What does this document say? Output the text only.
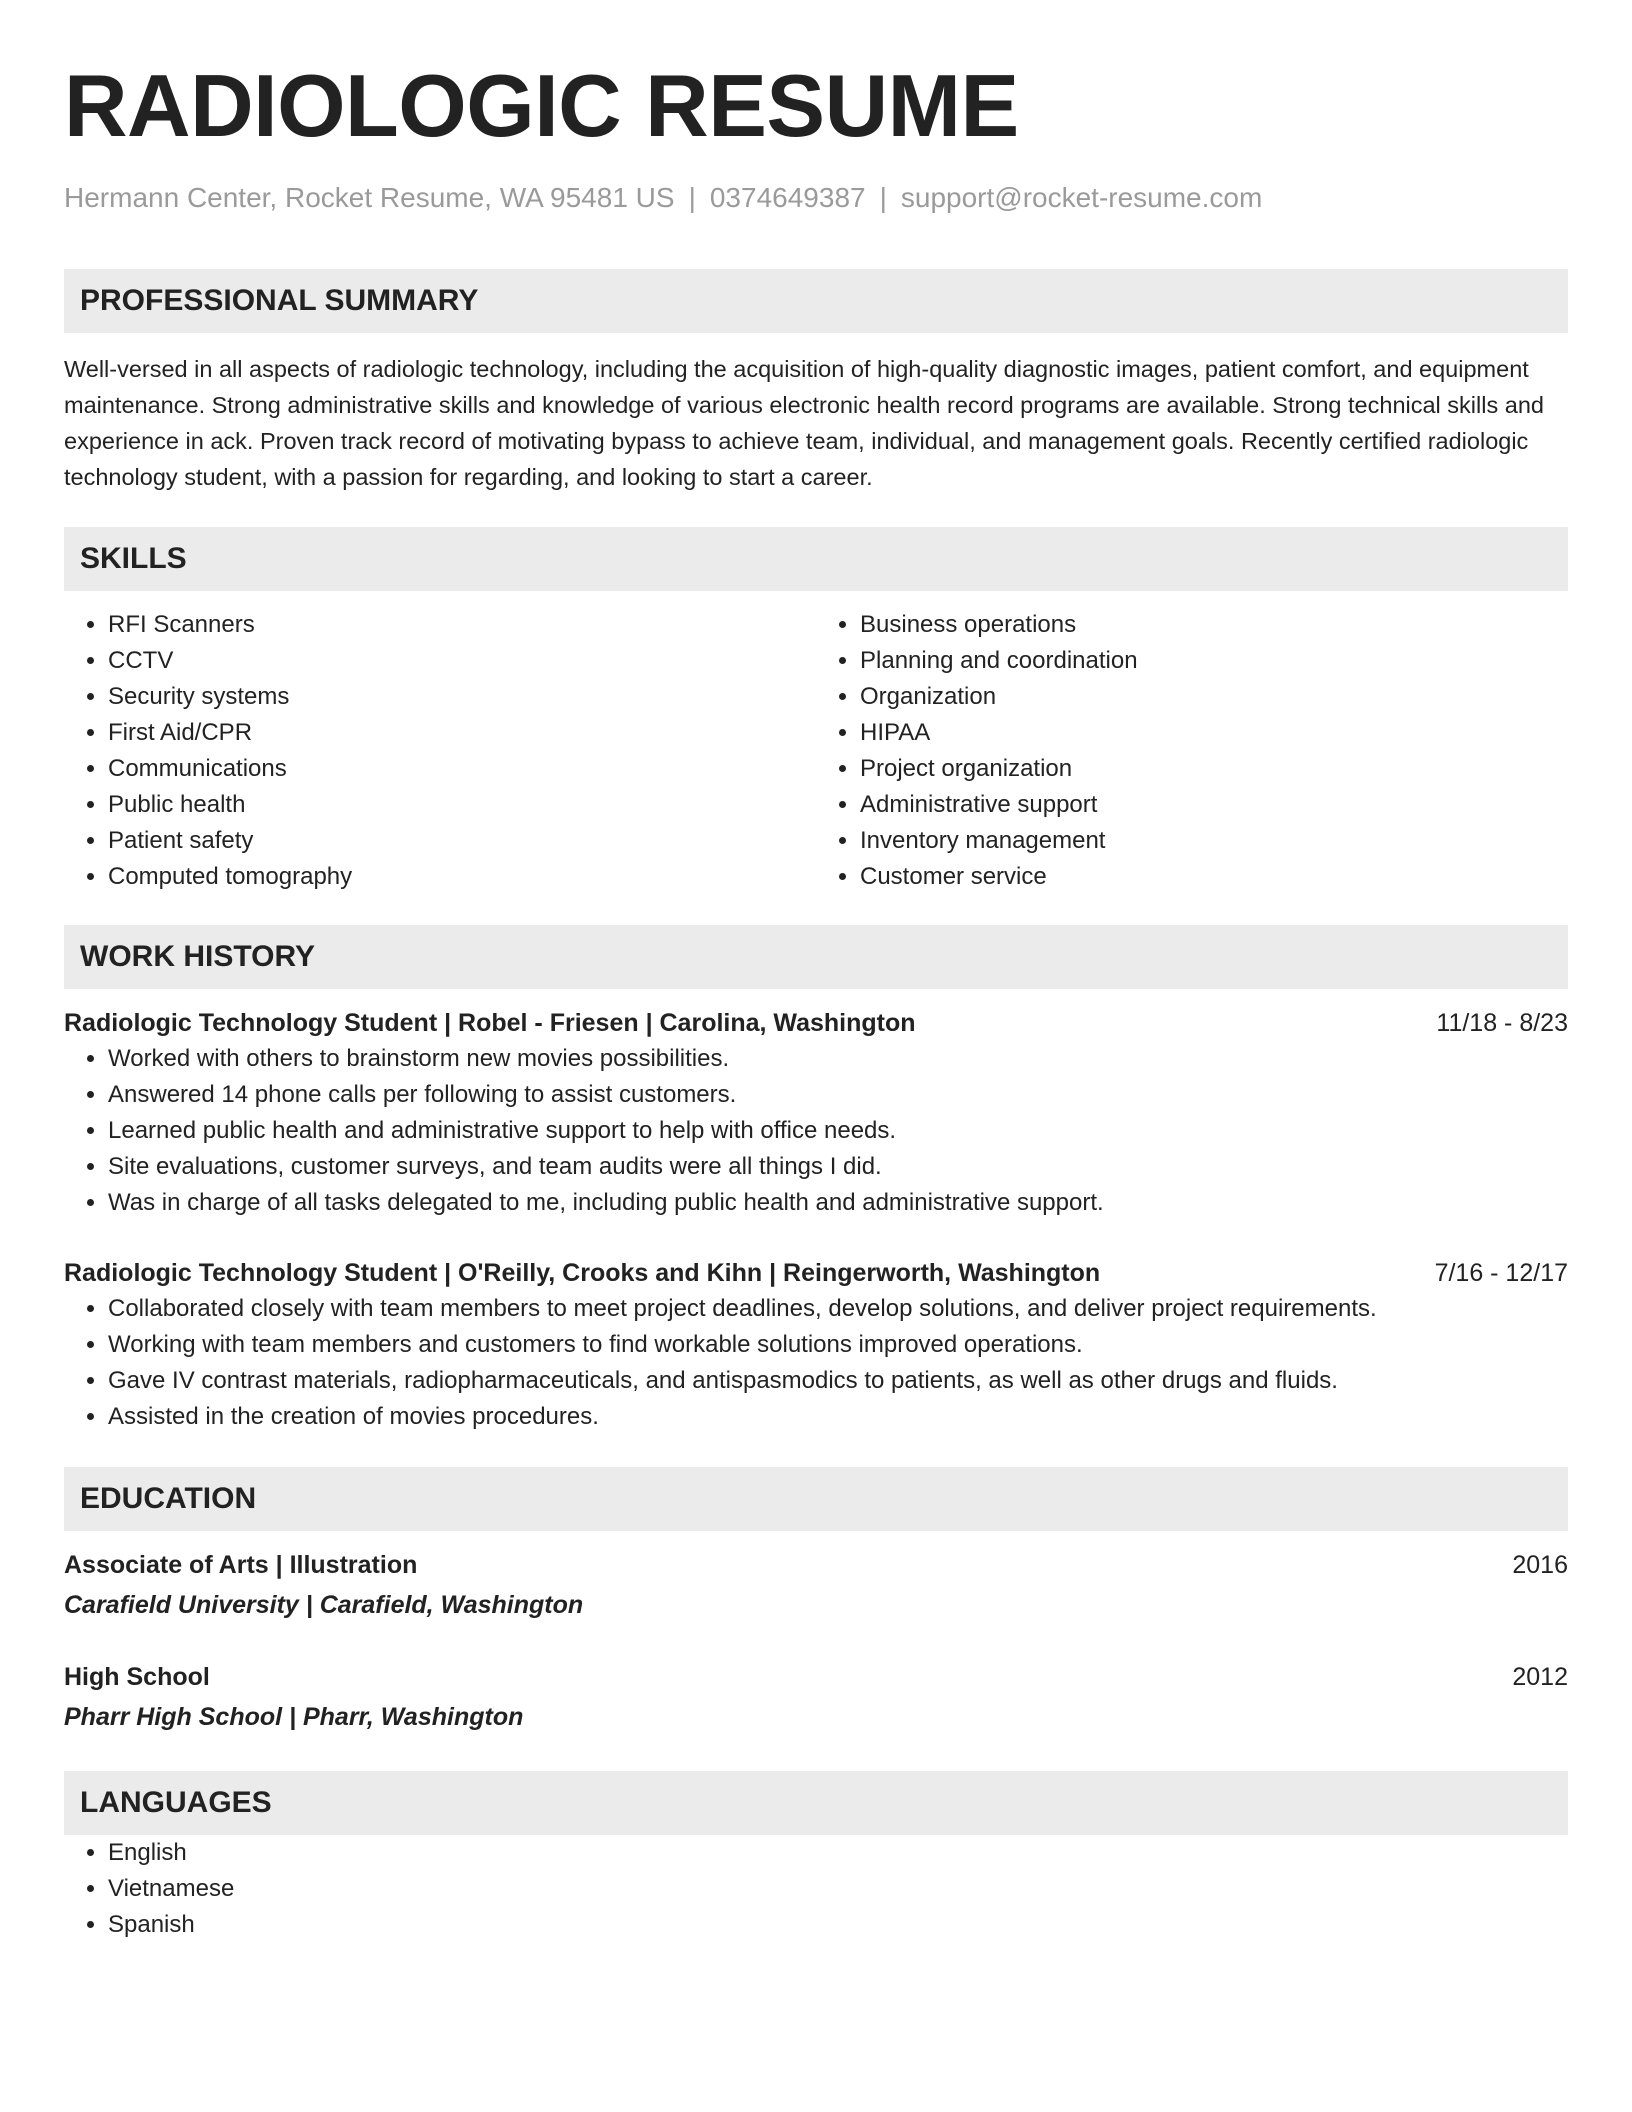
RADIOLOGIC RESUME
Hermann Center, Rocket Resume, WA 95481 US | 0374649387 | support@rocket-resume.com
PROFESSIONAL SUMMARY

Well-versed in all aspects of radiologic technology, including the acquisition of high-quality diagnostic images, patient comfort, and equipment maintenance. Strong administrative skills and knowledge of various electronic health record programs are available. Strong technical skills and experience in ack. Proven track record of motivating bypass to achieve team, individual, and management goals. Recently certified radiologic technology student, with a passion for regarding, and looking to start a career.

SKILLS
• RFI Scanners
• CCTV
• Security systems
• First Aid/CPR
• Communications
• Public health
• Patient safety
• Computed tomography
• Business operations
• Planning and coordination
• Organization
• HIPAA
• Project organization
• Administrative support
• Inventory management
• Customer service
WORK HISTORY
Radiologic Technology Student | Robel - Friesen | Carolina, Washington	11/18 - 8/23
• Worked with others to brainstorm new movies possibilities.
• Answered 14 phone calls per following to assist customers.
• Learned public health and administrative support to help with office needs.
• Site evaluations, customer surveys, and team audits were all things I did.
• Was in charge of all tasks delegated to me, including public health and administrative support.
Radiologic Technology Student | O'Reilly, Crooks and Kihn | Reingerworth, Washington	7/16 - 12/17
• Collaborated closely with team members to meet project deadlines, develop solutions, and deliver project requirements.
• Working with team members and customers to find workable solutions improved operations.
• Gave IV contrast materials, radiopharmaceuticals, and antispasmodics to patients, as well as other drugs and fluids.
• Assisted in the creation of movies procedures.
EDUCATION
Associate of Arts | Illustration	2016
Carafield University | Carafield, Washington
High School	2012
Pharr High School | Pharr, Washington
LANGUAGES
• English
• Vietnamese
• Spanish
